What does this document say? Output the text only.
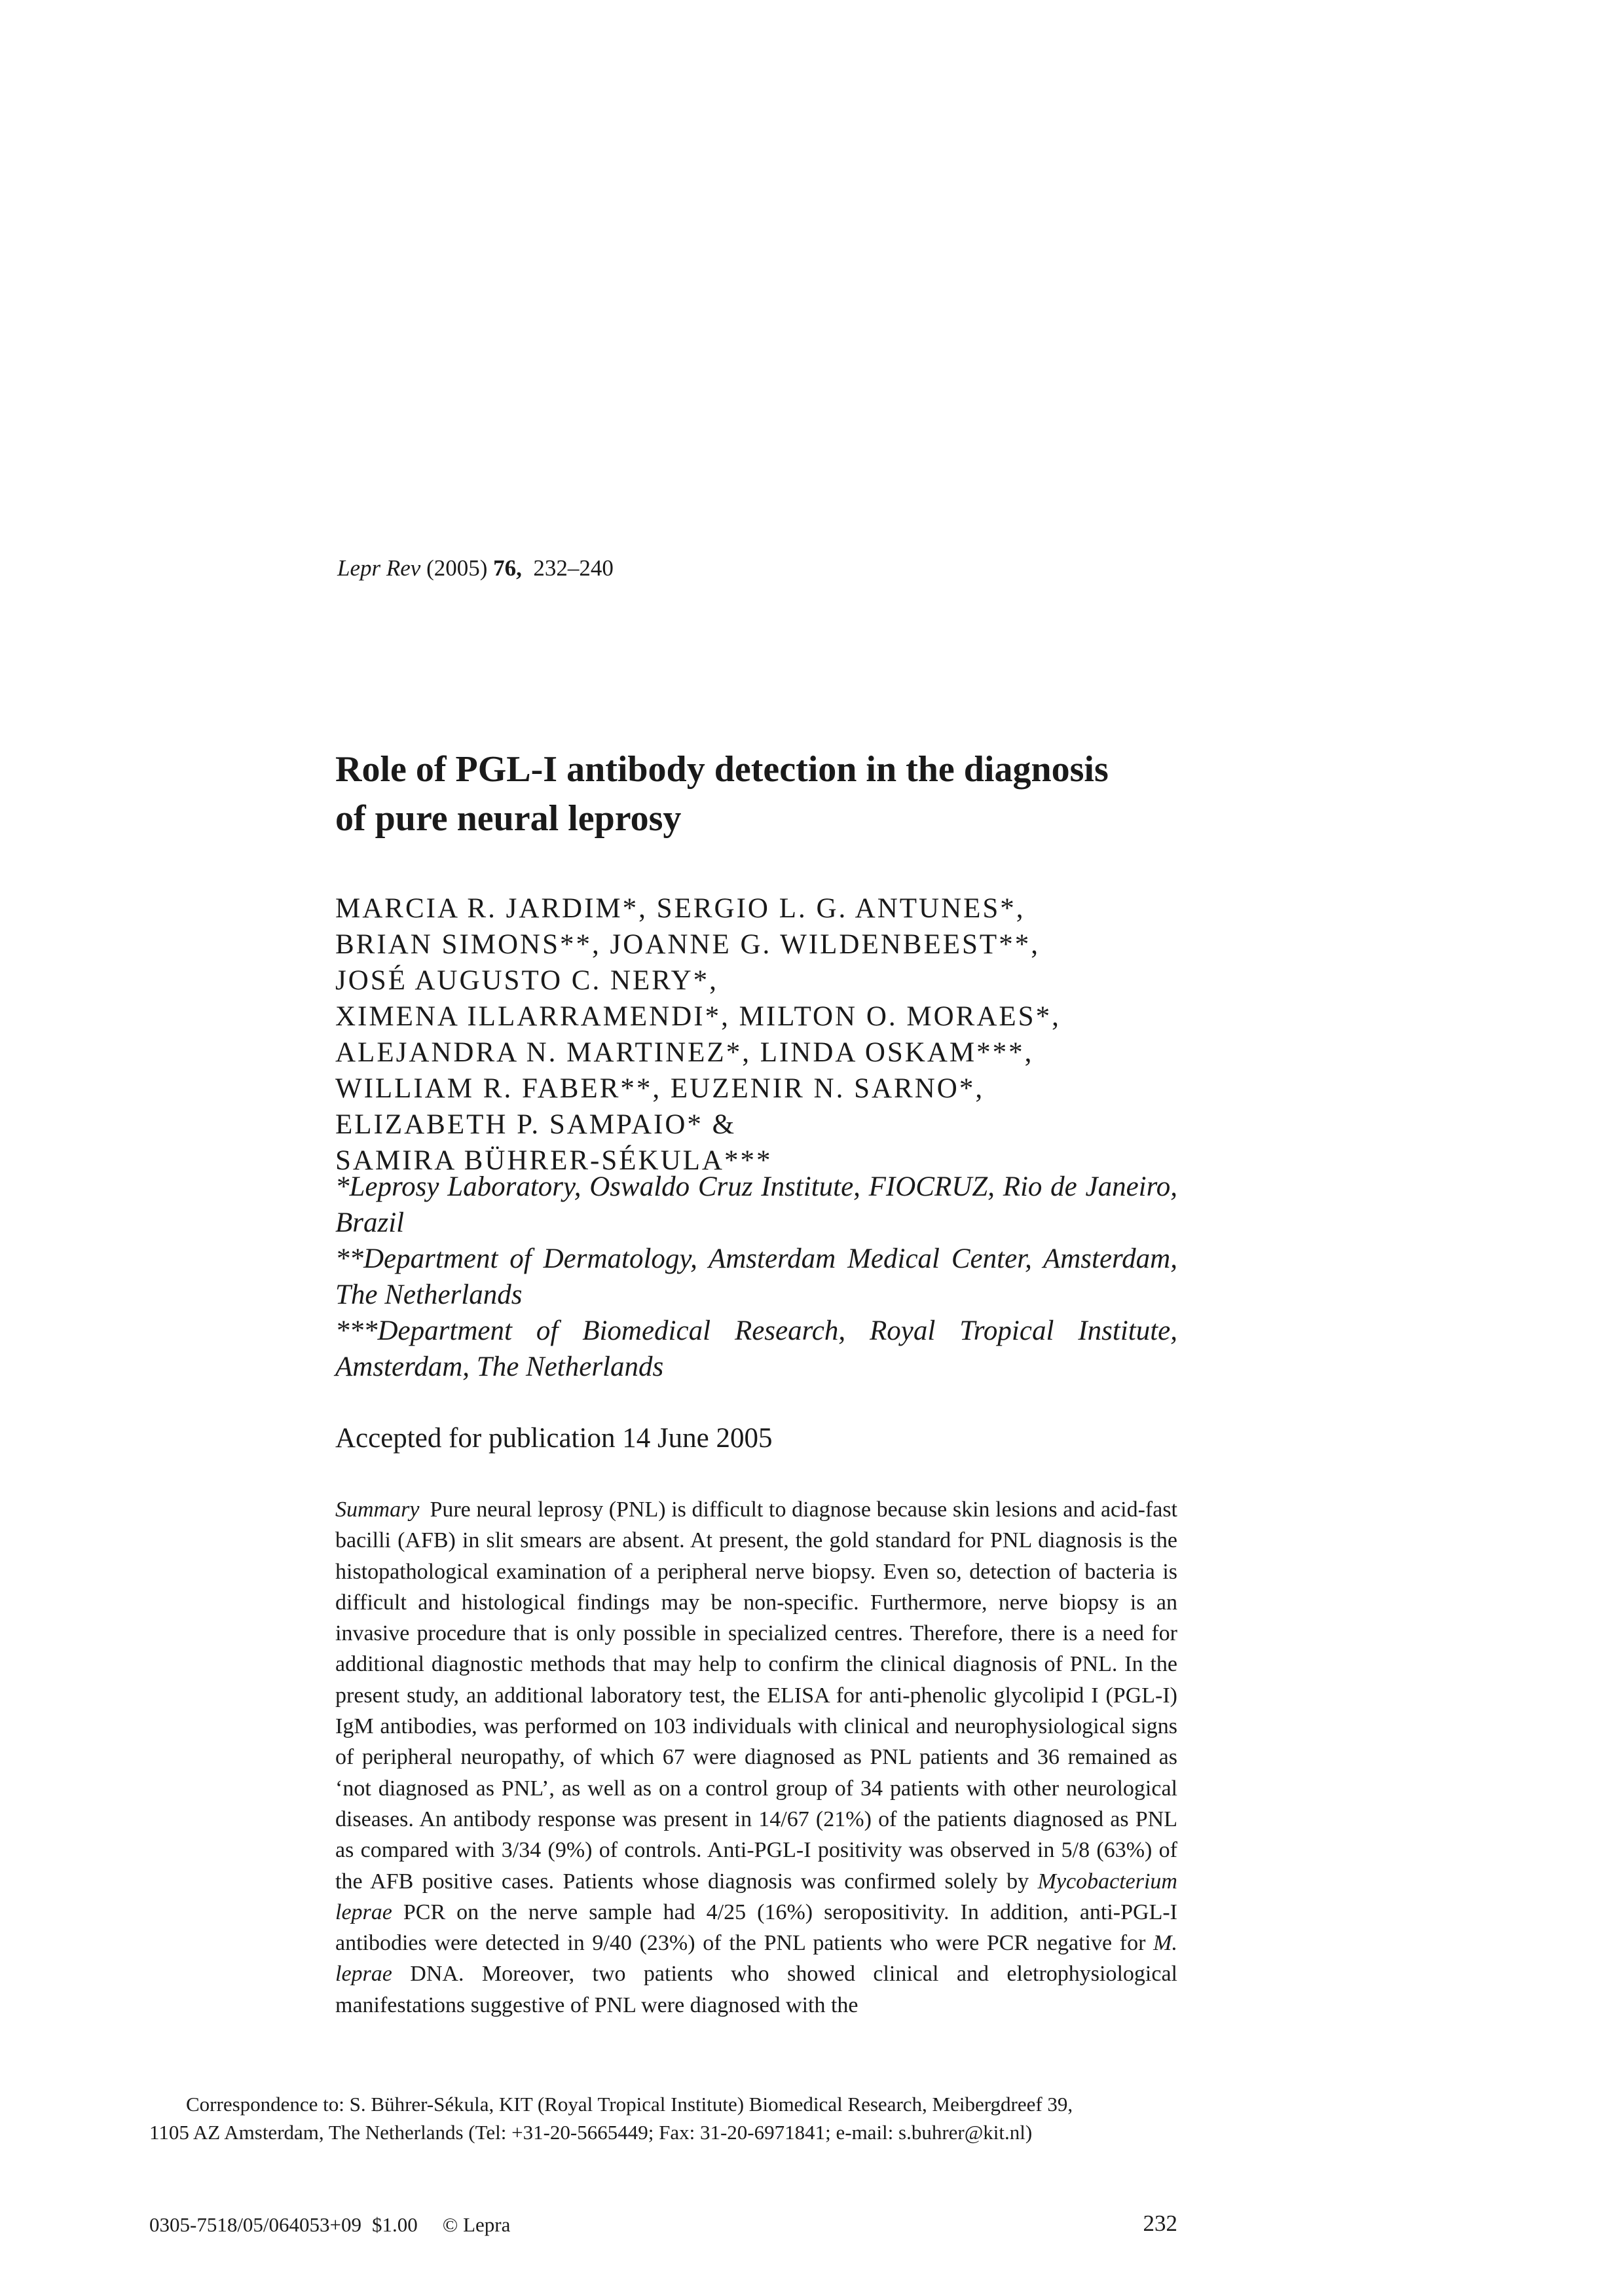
Lepr Rev (2005) 76, 232–240
Role of PGL-I antibody detection in the diagnosis
of pure neural leprosy
MARCIA R. JARDIM*, SERGIO L. G. ANTUNES*,
BRIAN SIMONS**, JOANNE G. WILDENBEEST**,
JOSÉ AUGUSTO C. NERY*,
XIMENA ILLARRAMENDI*, MILTON O. MORAES*,
ALEJANDRA N. MARTINEZ*, LINDA OSKAM***,
WILLIAM R. FABER**, EUZENIR N. SARNO*,
ELIZABETH P. SAMPAIO* &
SAMIRA BÜHRER-SÉKULA***
*Leprosy Laboratory, Oswaldo Cruz Institute, FIOCRUZ, Rio de Janeiro, Brazil
**Department of Dermatology, Amsterdam Medical Center, Amsterdam, The Netherlands
***Department of Biomedical Research, Royal Tropical Institute, Amsterdam, The Netherlands
Accepted for publication 14 June 2005

Summary Pure neural leprosy (PNL) is difficult to diagnose because skin lesions and acid-fast bacilli (AFB) in slit smears are absent. At present, the gold standard for PNL diagnosis is the histopathological examination of a peripheral nerve biopsy. Even so, detection of bacteria is difficult and histological findings may be non-specific. Furthermore, nerve biopsy is an invasive procedure that is only possible in specialized centres. Therefore, there is a need for additional diagnostic methods that may help to confirm the clinical diagnosis of PNL. In the present study, an additional laboratory test, the ELISA for anti-phenolic glycolipid I (PGL-I) IgM antibodies, was performed on 103 individuals with clinical and neurophysiological signs of peripheral neuropathy, of which 67 were diagnosed as PNL patients and 36 remained as ‘not diagnosed as PNL’, as well as on a control group of 34 patients with other neurological diseases. An antibody response was present in 14/67 (21%) of the patients diagnosed as PNL as compared with 3/34 (9%) of controls. Anti-PGL-I positivity was observed in 5/8 (63%) of the AFB positive cases. Patients whose diagnosis was confirmed solely by Mycobacterium leprae PCR on the nerve sample had 4/25 (16%) seropositivity. In addition, anti-PGL-I antibodies were detected in 9/40 (23%) of the PNL patients who were PCR negative for M. leprae DNA. Moreover, two patients who showed clinical and eletrophysiological manifestations suggestive of PNL were diagnosed with the

Correspondence to: S. Bührer-Sékula, KIT (Royal Tropical Institute) Biomedical Research, Meibergdreef 39,
1105 AZ Amsterdam, The Netherlands (Tel: +31-20-5665449; Fax: 31-20-6971841; e-mail: s.buhrer@kit.nl)
0305-7518/05/064053+09 $1.00 © Lepra	232
